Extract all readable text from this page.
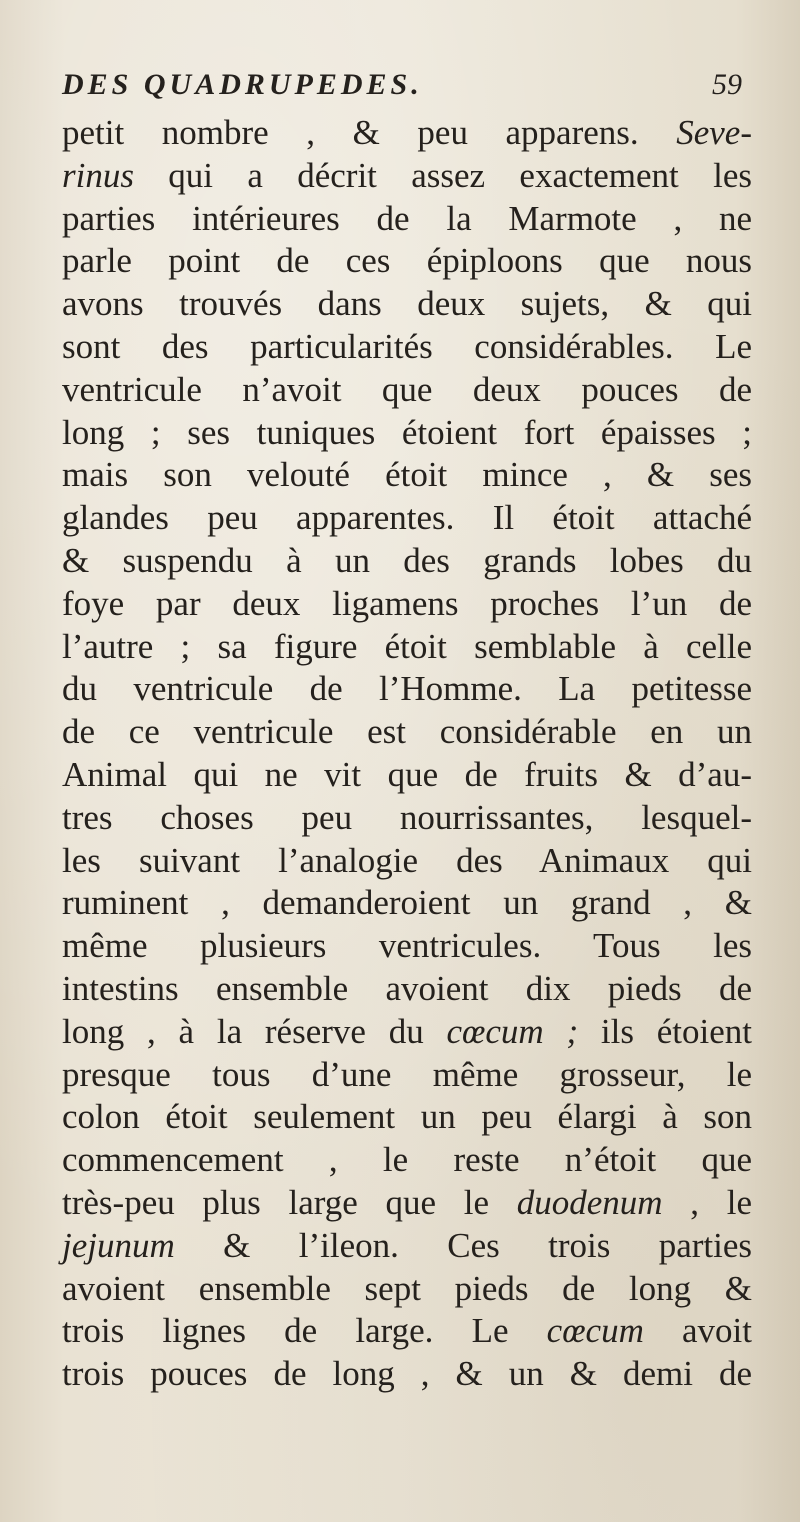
DES QUADRUPEDES.	59
petit nombre , & peu apparens. Seve-
rinus qui a décrit assez exactement les
parties intérieures de la Marmote , ne
parle point de ces épiploons que nous
avons trouvés dans deux sujets, & qui
sont des particularités considérables. Le
ventricule n’avoit que deux pouces de
long ; ses tuniques étoient fort épaisses ;
mais son velouté étoit mince , & ses
glandes peu apparentes. Il étoit attaché
& suspendu à un des grands lobes du
foye par deux ligamens proches l’un de
l’autre ; sa figure étoit semblable à celle
du ventricule de l’Homme. La petitesse
de ce ventricule est considérable en un
Animal qui ne vit que de fruits & d’au-
tres choses peu nourrissantes, lesquel-
les suivant l’analogie des Animaux qui
ruminent , demanderoient un grand , &
même plusieurs ventricules. Tous les
intestins ensemble avoient dix pieds de
long , à la réserve du cœcum ; ils étoient
presque tous d’une même grosseur, le
colon étoit seulement un peu élargi à son
commencement , le reste n’étoit que
très-peu plus large que le duodenum , le
jejunum & l’ileon. Ces trois parties
avoient ensemble sept pieds de long &
trois lignes de large. Le cœcum avoit
trois pouces de long , & un & demi de
